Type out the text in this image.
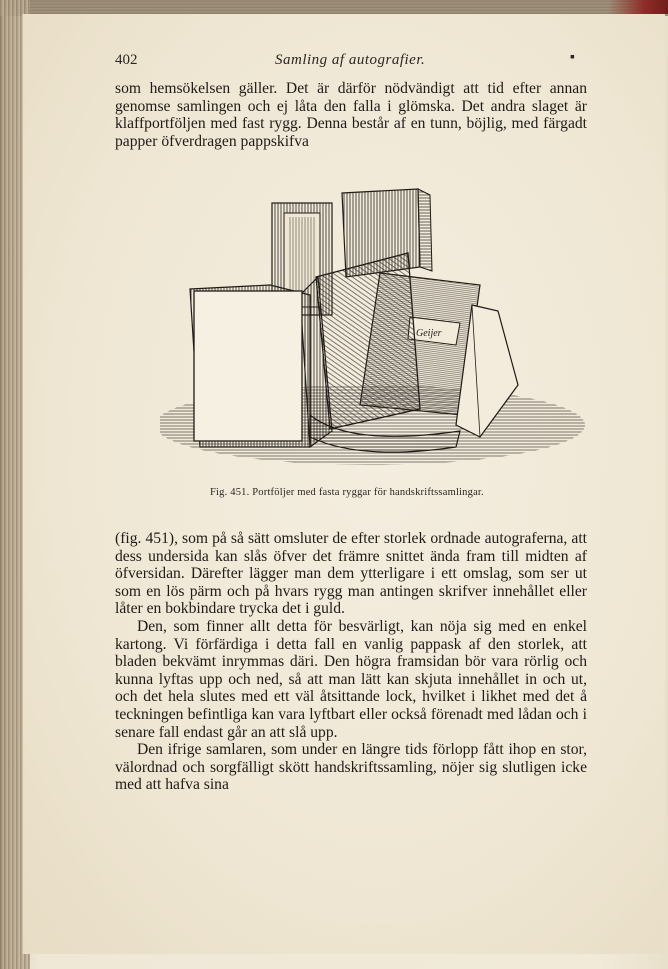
402	Samling af autografier.	▪

som hemsökelsen gäller. Det är därför nödvändigt att tid efter annan genomse samlingen och ej låta den falla i glömska. Det andra slaget är klaffportföljen med fast rygg. Denna består af en tunn, böjlig, med färgadt papper öfverdragen pappskifva

Geijer
Fig. 451. Portföljer med fasta ryggar för handskriftssamlingar.

(fig. 451), som på så sätt omsluter de efter storlek ordnade autograferna, att dess undersida kan slås öfver det främre snittet ända fram till midten af öfversidan. Därefter lägger man dem ytterligare i ett omslag, som ser ut som en lös pärm och på hvars rygg man antingen skrifver innehållet eller låter en bokbindare trycka det i guld.

Den, som finner allt detta för besvärligt, kan nöja sig med en enkel kartong. Vi förfärdiga i detta fall en vanlig pappask af den storlek, att bladen bekvämt inrymmas däri. Den högra framsidan bör vara rörlig och kunna lyftas upp och ned, så att man lätt kan skjuta innehållet in och ut, och det hela slutes med ett väl åtsittande lock, hvilket i likhet med det å teckningen befintliga kan vara lyftbart eller också förenadt med lådan och i senare fall endast går an att slå upp.

Den ifrige samlaren, som under en längre tids förlopp fått ihop en stor, välordnad och sorgfälligt skött handskriftssamling, nöjer sig slutligen icke med att hafva sina
